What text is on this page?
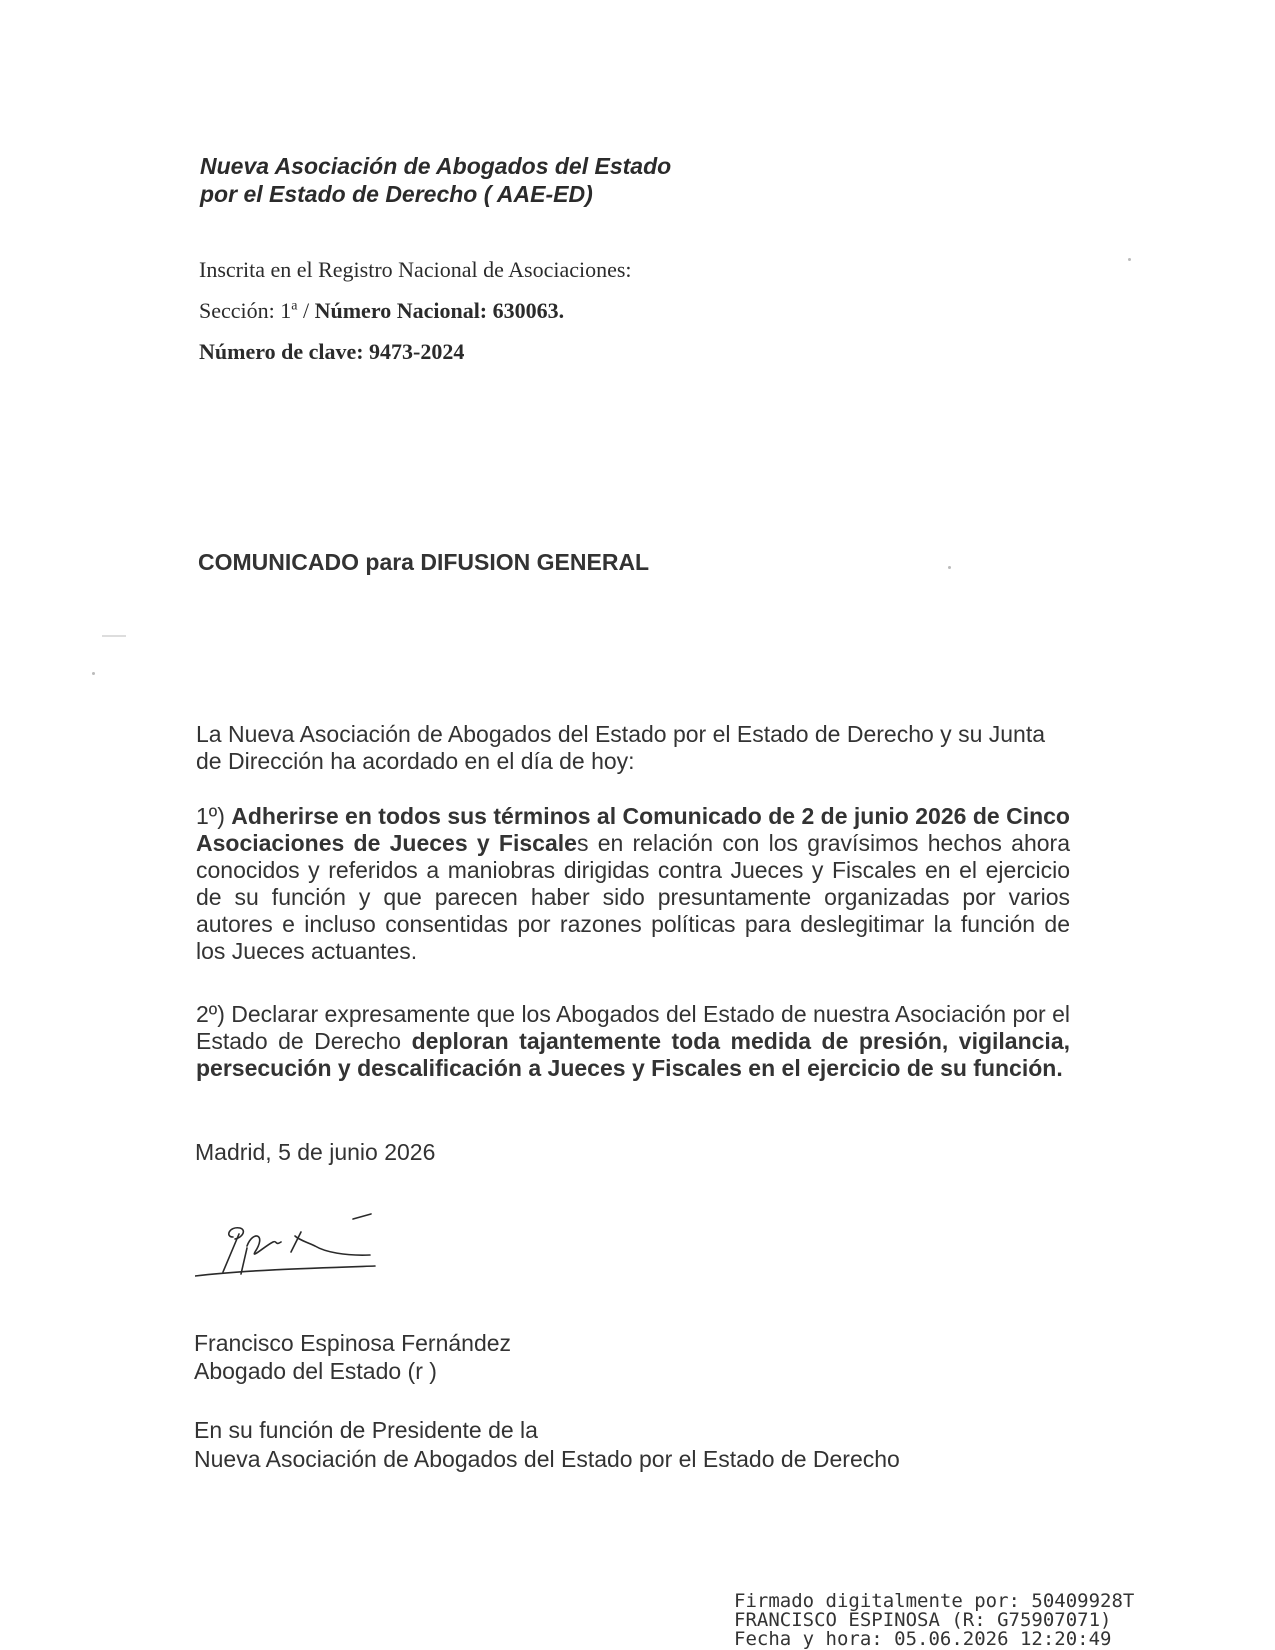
Nueva Asociación de Abogados del Estado
por el Estado de Derecho ( AAE-ED)
Inscrita en el Registro Nacional de Asociaciones:
Sección: 1$^a$ / Número Nacional: 630063.
Número de clave: 9473-2024
COMUNICADO para DIFUSION GENERAL
La Nueva Asociación de Abogados del Estado por el Estado de Derecho y su Junta de Dirección ha acordado en el día de hoy:
1º) Adherirse en todos sus términos al Comunicado de 2 de junio 2026 de Cinco Asociaciones de Jueces y Fiscales en relación con los gravísimos hechos ahora conocidos y referidos a maniobras dirigidas contra Jueces y Fiscales en el ejercicio de su función y que parecen haber sido presuntamente organizadas por varios autores e incluso consentidas por razones políticas para deslegitimar la función de los Jueces actuantes.
2º) Declarar expresamente que los Abogados del Estado de nuestra Asociación por el Estado de Derecho deploran tajantemente toda medida de presión, vigilancia, persecución y descalificación a Jueces y Fiscales en el ejercicio de su función.
Madrid, 5 de junio 2026
Francisco Espinosa Fernández
Abogado del Estado (r )
En su función de Presidente de la
Nueva Asociación de Abogados del Estado por el Estado de Derecho
Firmado digitalmente por: 50409928T
FRANCISCO ESPINOSA (R: G75907071)
Fecha y hora: 05.06.2026 12:20:49
